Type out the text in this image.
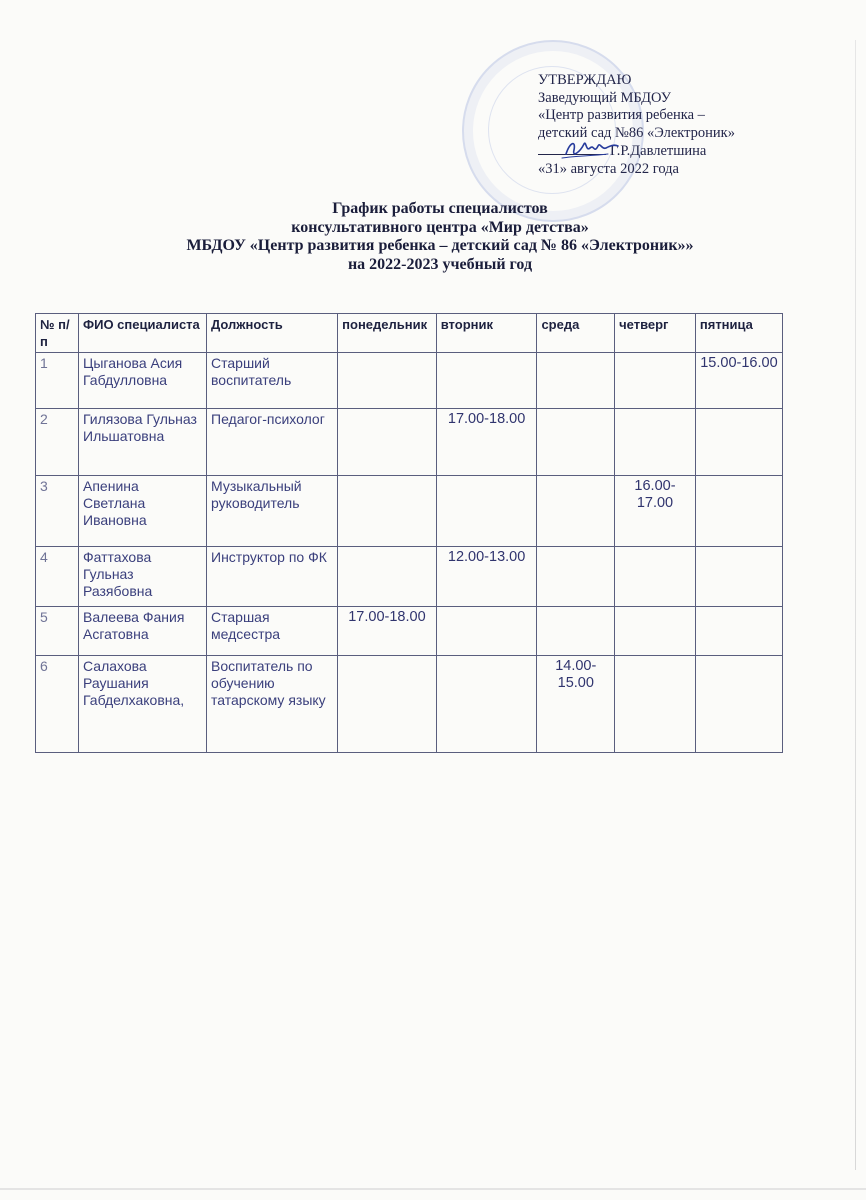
УТВЕРЖДАЮ
Заведующий МБДОУ
«Центр развития ребенка –
детский сад №86 «Электроник»
Г.Р.Давлетшина
«31» августа 2022 года
График работы специалистов
консультативного центра «Мир детства»
МБДОУ «Центр развития ребенка – детский сад № 86 «Электроник»»
на 2022-2023 учебный год
№ п/п	ФИО специалиста	Должность	понедельник	вторник	среда	четверг	пятница
1	Цыганова Асия Габдулловна	Старший воспитатель					15.00-16.00
2	Гилязова Гульназ Ильшатовна	Педагог-психолог		17.00-18.00			
3	Апенина Светлана Ивановна	Музыкальный руководитель				16.00-17.00	
4	Фаттахова Гульназ Разябовна	Инструктор по ФК		12.00-13.00			
5	Валеева Фания Асгатовна	Старшая медсестра	17.00-18.00				
6	Салахова Раушания Габделхаковна,	Воспитатель по обучению татарскому языку			14.00-15.00		
